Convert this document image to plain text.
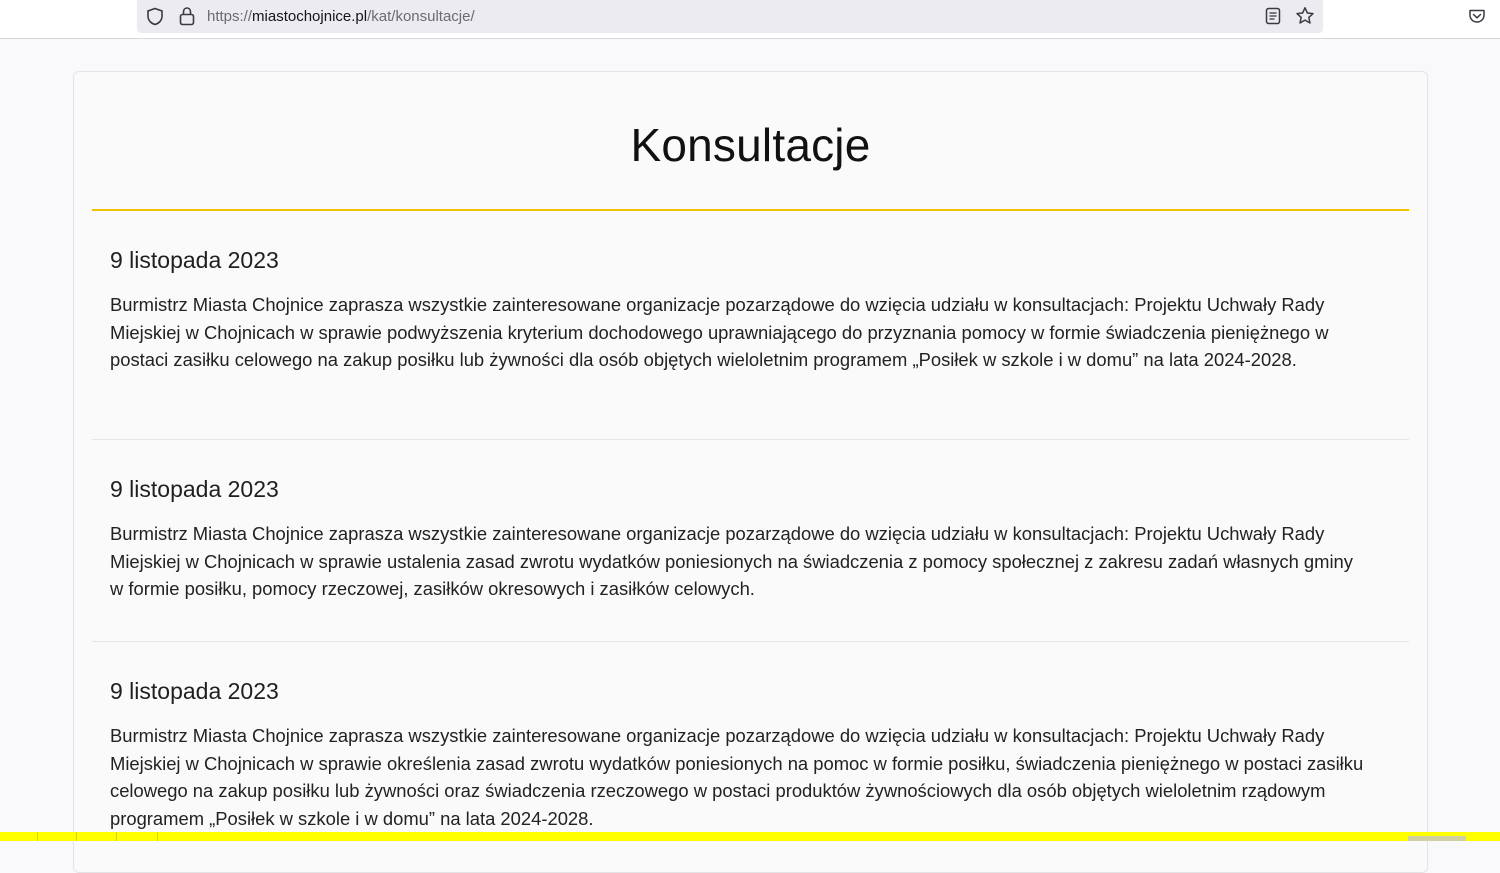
https://miastochojnice.pl/kat/konsultacje/
Konsultacje
9 listopada 2023
Burmistrz Miasta Chojnice zaprasza wszystkie zainteresowane organizacje pozarządowe do wzięcia udziału w konsultacjach: Projektu Uchwały Rady Miejskiej w Chojnicach w sprawie podwyższenia kryterium dochodowego uprawniającego do przyznania pomocy w formie świadczenia pieniężnego w postaci zasiłku celowego na zakup posiłku lub żywności dla osób objętych wieloletnim programem „Posiłek w szkole i w domu” na lata 2024-2028.
9 listopada 2023
Burmistrz Miasta Chojnice zaprasza wszystkie zainteresowane organizacje pozarządowe do wzięcia udziału w konsultacjach: Projektu Uchwały Rady Miejskiej w Chojnicach w sprawie ustalenia zasad zwrotu wydatków poniesionych na świadczenia z pomocy społecznej z zakresu zadań własnych gminy w formie posiłku, pomocy rzeczowej, zasiłków okresowych i zasiłków celowych.
9 listopada 2023
Burmistrz Miasta Chojnice zaprasza wszystkie zainteresowane organizacje pozarządowe do wzięcia udziału w konsultacjach: Projektu Uchwały Rady Miejskiej w Chojnicach w sprawie określenia zasad zwrotu wydatków poniesionych na pomoc w formie posiłku, świadczenia pieniężnego w postaci zasiłku celowego na zakup posiłku lub żywności oraz świadczenia rzeczowego w postaci produktów żywnościowych dla osób objętych wieloletnim rządowym programem „Posiłek w szkole i w domu” na lata 2024-2028.
